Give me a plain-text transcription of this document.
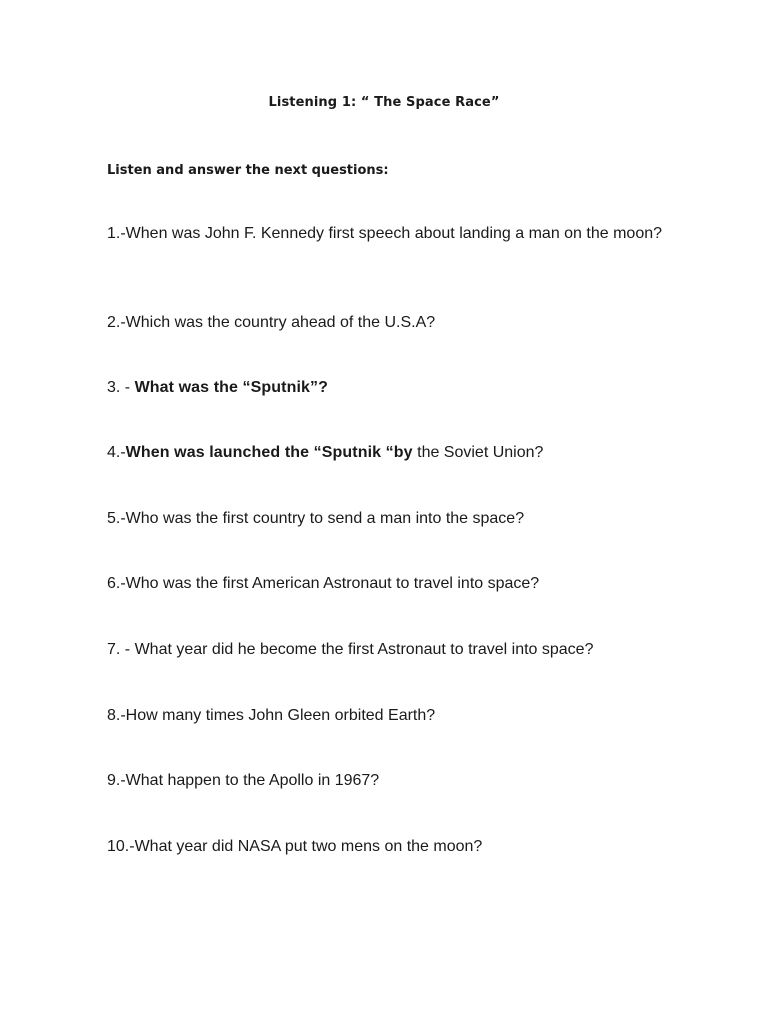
Listening 1: “ The Space Race”
Listen and answer the next questions:

1.-When was John F. Kennedy first speech about landing a man on the moon?

2.-Which was the country ahead of the U.S.A?

3. - What was the “Sputnik”?

4.-When was launched the “Sputnik “by the Soviet Union?

5.-Who was the first country to send a man into the space?

6.-Who was the first American Astronaut to travel into space?

7. - What year did he become the first Astronaut to travel into space?

8.-How many times John Gleen orbited Earth?

9.-What happen to the Apollo in 1967?

10.-What year did NASA put two mens on the moon?
